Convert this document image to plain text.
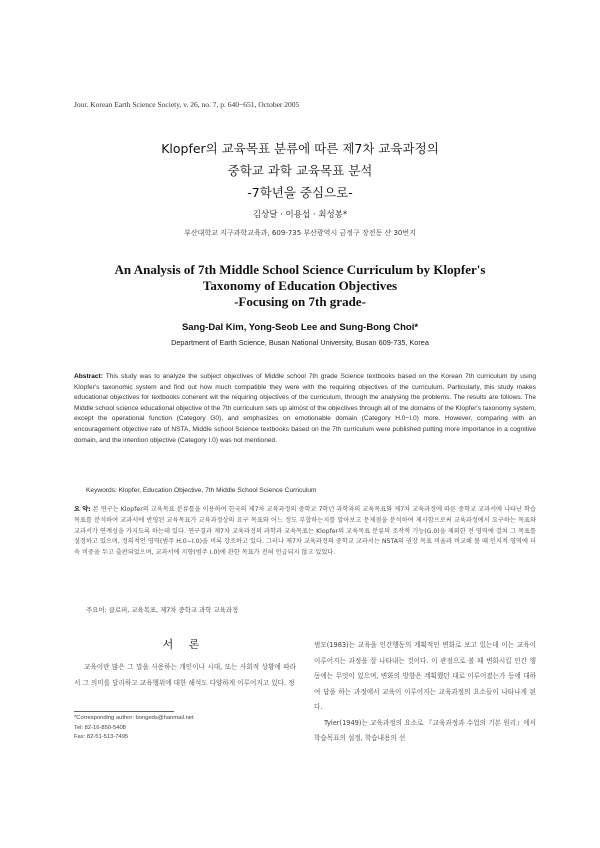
Jour. Korean Earth Science Society, v. 26, no. 7, p. 640−651, October 2005
Klopfer의 교육목표 분류에 따른 제7차 교육과정의
중학교 과학 교육목표 분석
-7학년을 중심으로-
김상달 · 이용섭 · 최성봉*
부산대학교 지구과학교육과, 609-735 부산광역시 금정구 장전동 산 30번지
An Analysis of 7th Middle School Science Curriculum by Klopfer's
Taxonomy of Education Objectives
-Focusing on 7th grade-
Sang-Dal Kim, Yong-Seob Lee and Sung-Bong Choi*
Department of Earth Science, Busan National University, Busan 609-735, Korea
Abstract: This study was to analyze the subject objectives of Middle school 7th grade Science textbooks based on the Korean 7th curriculum by using Klopfer's taxonomic system and find out how much compatible they were with the requiring objectives of the curriculum. Particularly, this study makes educational objectives for textbooks coherent wit the requiring objectives of the curriculum, through the analysing the problems. The results are follows. The Middle school science educational objective of the 7th curriculum sets up almost of the objectives through all of the domains of the Klopfer's taxonomy system, except the operational function (Category G0), and emphasizes on emotionable domain (Category H.0−I.0) more. However, comparing with an encouragement objective rate of NSTA, Middle school Science textbooks based on the 7th curriculum were published putting more importance in a cognitive domain, and the intention objective (Category I.0) was not mentioned.
Keywords: Klopfer, Education Objective, 7th Middle School Science Curriculum
요 약: 본 연구는 Klopfer의 교육목표 분류틀을 이용하여 한국의 제7차 교육과정의 중학교 7학년 과학과의 교육목표와 제7차 교육과정에 따른 중학교 교과서에 나타난 학습 목표를 분석하여 교과서에 반영된 교육목표가 교육과정상의 요구 목표와 어느 정도 부합하는지를 알아보고 문제점을 분석하여 제시함으로써 교육과정에서 요구하는 목표와 교과서가 연계성을 가지도록 하는데 있다. 연구결과 제7차 교육과정의 과학과 교육목표는 Klopfer의 교육목표 분류의 조작적 기능(G.0)을 제외한 전 영역에 걸쳐 그 목표를 설정하고 있으며, 정의적인 영역(범주 H.0−I.0)을 비록 강조하고 있다. 그러나 제7차 교육과정의 중학교 교과서는 NSTA의 권장 목표 비율과 비교해 볼 때 인지적 영역에 더욱 비중을 두고 출판되었으며, 교과서에 지향(범주 I.0)에 관한 목표가 전혀 언급되지 않고 있었다.
주요어: 클로퍼, 교육목표, 제7차 중학교 과학 교육과정
서 론

교육이란 많은 그 말을 사용하는 개인이나 시대, 또는 사회적 상황에 따라서 그 의미를 달리하고 교육행위에 대한 해석도 다양하게 이루어지고 있다. 정

*Corresponding author: bongeds@hanmail.net
Tel: 82-16-850-5408
Fax: 82-51-513-7495

범모(1983)는 교육을 인간행동의 계획적인 변화로 보고 있는데 이는 교육이 이루어지는 과정을 잘 나타내는 것이다. 이 관점으로 볼 때 변화시킬 인간 행동에는 무엇이 있으며, 변화의 방향은 계획했던 대로 이루어졌는가 등에 대하여 답을 하는 과정에서 교육이 이루어지는 교육과정의 요소들이 나타나게 된다.

Tyler(1949)는 교육과정의 요소로 『교육과정과 수업의 기본 원리』에서 학습목표의 설정, 학습내용의 선
